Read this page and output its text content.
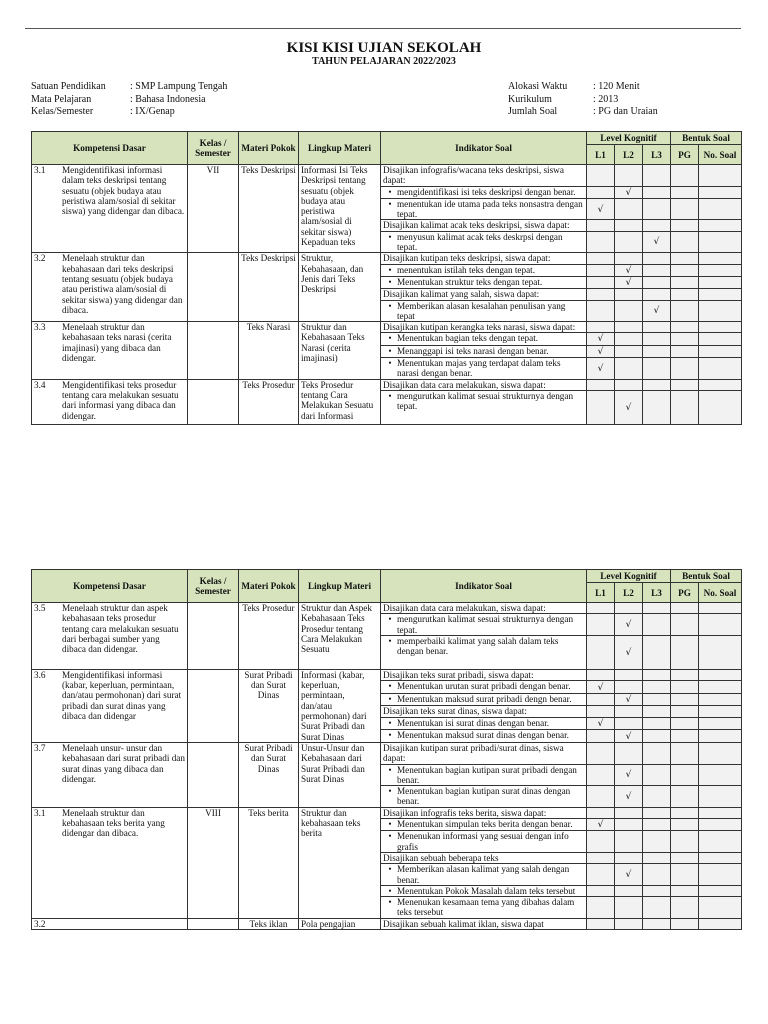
KISI KISI UJIAN SEKOLAH
TAHUN PELAJARAN 2022/2023
Satuan Pendidikan	: SMP Lampung Tengah
Mata Pelajaran	: Bahasa Indonesia
Kelas/Semester	: IX/Genap
Alokasi Waktu	: 120 Menit
Kurikulum	: 2013
Jumlah Soal	: PG dan Uraian
Kompetensi Dasar	Kelas / Semester	Materi Pokok	Lingkup Materi	Indikator Soal	Level Kognitif			Bentuk Soal	
					L1	L2	L3	PG	No. Soal

3.1 Mengidentifikasi informasi dalam teks deskripsi tentang sesuatu (objek budaya atau peristiwa alam/sosial di sekitar siswa) yang didengar dan dibaca.	VII	Teks Deskripsi	Informasi Isi Teks Deskripsi tentang sesuatu (objek budaya atau peristiwa alam/sosial di sekitar siswa) Kepaduan teks	Disajikan infografis/wacana teks deskripsi, siswa dapat:					

				• mengidentifikasi isi teks deskripsi dengan benar.		√			

				• menentukan ide utama pada teks nonsastra dengan tepat.	√				
				Disajikan kalimat acak teks deskripsi, siswa dapat:					

				• menyusun kalimat acak teks deskrpsi dengan tepat.			√		

3.2 Menelaah struktur dan kebahasaan dari teks deskripsi tentang sesuatu (objek budaya atau peristiwa alam/sosial di sekitar siswa) yang didengar dan dibaca.		Teks Deskripsi	Struktur, Kebahasaan, dan Jenis dari Teks Deskripsi	Disajikan kutipan teks deskripsi, siswa dapat:					

				• menentukan istilah teks dengan tepat.		√			

				• Menentukan struktur teks dengan tepat.		√			
				Disajikan kalimat yang salah, siswa dapat:					

				• Memberikan alasan kesalahan penulisan yang tepat			√		

3.3 Menelaah struktur dan kebahasaan teks narasi (cerita imajinasi) yang dibaca dan didengar.		Teks Narasi	Struktur dan Kebahasaan Teks Narasi (cerita imajinasi)	Disajikan kutipan kerangka teks narasi, siswa dapat:					

				• Menentukan bagian teks dengan tepat.	√				

				• Menanggapi isi teks narasi dengan benar.	√				

				• Menentukan majas yang terdapat dalam teks narasi dengan benar.	√				

3.4 Mengidentifikasi teks prosedur tentang cara melakukan sesuatu dari informasi yang dibaca dan didengar.		Teks Prosedur	Teks Prosedur tentang Cara Melakukan Sesuatu dari Informasi	Disajikan data cara melakukan, siswa dapat:					

				• mengurutkan kalimat sesuai strukturnya dengan tepat.		√			
Kompetensi Dasar	Kelas / Semester	Materi Pokok	Lingkup Materi	Indikator Soal	Level Kognitif			Bentuk Soal	
					L1	L2	L3	PG	No. Soal

3.5 Menelaah struktur dan aspek kebahasaan teks prosedur tentang cara melakukan sesuatu dari berbagai sumber yang dibaca dan didengar.		Teks Prosedur	Struktur dan Aspek Kebahasaan Teks Prosedur tentang Cara Melakukan Sesuatu	Disajikan data cara melakukan, siswa dapat:					

				• mengurutkan kalimat sesuai strukturnya dengan tepat.		√			

				• memperbaiki kalimat yang salah dalam teks dengan benar.		√			

3.6 Mengidentifikasi informasi (kabar, keperluan, permintaan, dan/atau permohonan) dari surat pribadi dan surat dinas yang dibaca dan didengar		Surat Pribadi dan Surat Dinas	Informasi (kabar, keperluan, permintaan, dan/atau permohonan) dari Surat Pribadi dan Surat Dinas	Disajikan teks surat pribadi, siswa dapat:					

				• Menentukan urutan surat pribadi dengan benar.	√				

				• Menentukan maksud surat pribadi dengn benar.		√			
				Disajikan teks surat dinas, siswa dapat:					

				• Menentukan isi surat dinas dengan benar.	√				

				• Menentukan maksud surat dinas dengan benar.		√			

3.7 Menelaah unsur- unsur dan kebahasaan dari surat pribadi dan surat dinas yang dibaca dan didengar.		Surat Pribadi dan Surat Dinas	Unsur-Unsur dan Kebahasaan dari Surat Pribadi dan Surat Dinas	Disajikan kutipan surat pribadi/surat dinas, siswa dapat:					

				• Menentukan bagian kutipan surat pribadi dengan benar.		√			

				• Menentukan bagian kutipan surat dinas dengan benar.		√			

3.1 Menelaah struktur dan kebahasaan teks berita yang didengar dan dibaca.	VIII	Teks berita	Struktur dan kebahasaan teks berita	Disajikan infografis teks berita, siswa dapat:					

				• Menentukan simpulan teks berita dengan benar.	√				

				• Menenukan informasi yang sesuai dengan info grafis					

				Disajikan sebuah beberapa teks					

				• Memberikan alasan kalimat yang salah dengan benar.		√			

				• Menentukan Pokok Masalah dalam teks tersebut					

				• Menenukan kesamaan tema yang dibahas dalam teks tersebut					

3.2		Teks iklan	Pola pengajian	Disajikan sebuah kalimat iklan, siswa dapat					
